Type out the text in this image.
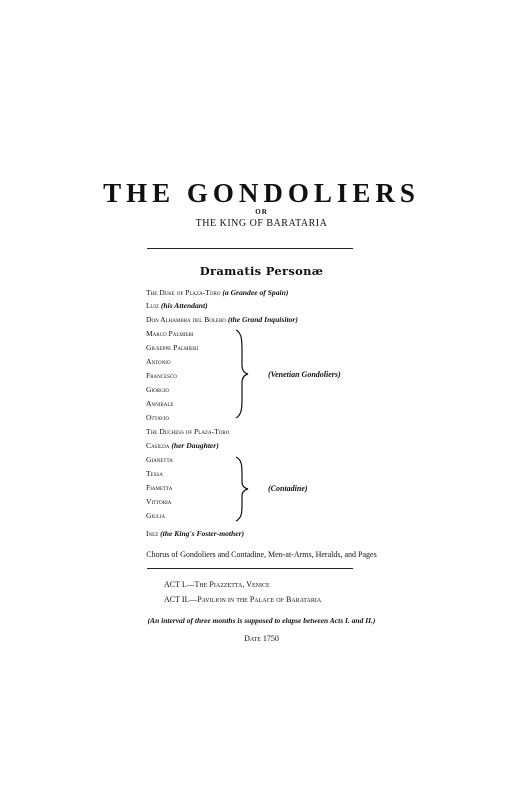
THE GONDOLIERS
OR
THE KING OF BARATARIA
Dramatis Personæ
The Duke of Plaza-Toro (a Grandee of Spain)
Luiz (his Attendant)
Don Alhambra del Bolero (the Grand Inquisitor)
Marco Palmieri
Giuseppe Palmieri
Antonio
Francesco
Giorgio
Annibale
Ottavio
The Duchess of Plaza-Toro
Casilda (her Daughter)
Gianetta
Tessa
Fiametta
Vittoria
Giulia
Inez (the King's Foster-mother)
(Venetian Gondoliers)
(Contadine)
Chorus of Gondoliers and Contadine, Men-at-Arms, Heralds, and Pages
ACT I.—The Piazzetta, Venice
ACT II.—Pavilion in the Palace of Barataria
(An interval of three months is supposed to elapse between Acts I. and II.)
Date 1750
